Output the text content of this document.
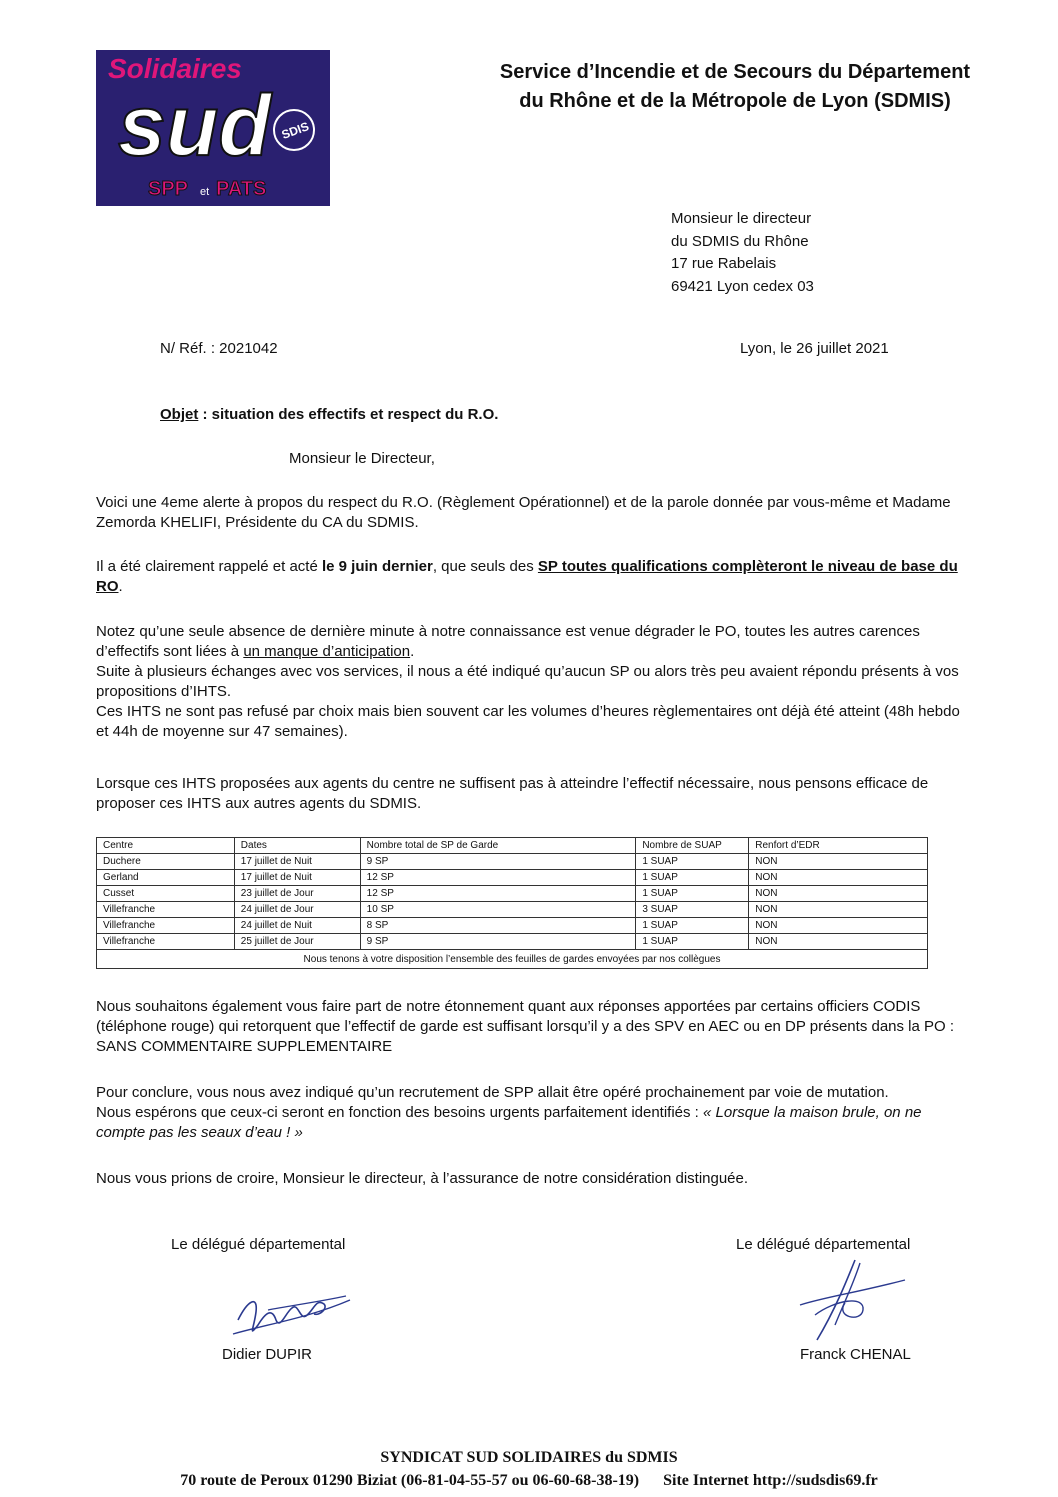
Solidaires
sud SDIS
SPP et PATS
Service d’Incendie et de Secours du Département
du Rhône et de la Métropole de Lyon (SDMIS)
Monsieur le directeur
du SDMIS du Rhône
17 rue Rabelais
69421 Lyon cedex 03
N/ Réf. : 2021042	Lyon, le 26 juillet 2021
Objet : situation des effectifs et respect du R.O.
Monsieur le Directeur,

Voici une 4eme alerte à propos du respect du R.O. (Règlement Opérationnel) et de la parole donnée par vous-même et Madame Zemorda KHELIFI, Présidente du CA du SDMIS.

Il a été clairement rappelé et acté le 9 juin dernier, que seuls des SP toutes qualifications complèteront le niveau de base du RO.

Notez qu’une seule absence de dernière minute à notre connaissance est venue dégrader le PO, toutes les autres carences d’effectifs sont liées à un manque d’anticipation.

Suite à plusieurs échanges avec vos services, il nous a été indiqué qu’aucun SP ou alors très peu avaient répondu présents à vos propositions d’IHTS.

Ces IHTS ne sont pas refusé par choix mais bien souvent car les volumes d’heures règlementaires ont déjà été atteint (48h hebdo et 44h de moyenne sur 47 semaines).

Lorsque ces IHTS proposées aux agents du centre ne suffisent pas à atteindre l’effectif nécessaire, nous pensons efficace de proposer ces IHTS aux autres agents du SDMIS.

Centre	Dates	Nombre total de SP de Garde	Nombre de SUAP	Renfort d’EDR
Duchere	17 juillet de Nuit	9 SP	1 SUAP	NON
Gerland	17 juillet de Nuit	12 SP	1 SUAP	NON
Cusset	23 juillet de Jour	12 SP	1 SUAP	NON
Villefranche	24 juillet de Jour	10 SP	3 SUAP	NON
Villefranche	24 juillet de Nuit	8 SP	1 SUAP	NON
Villefranche	25 juillet de Jour	9 SP	1 SUAP	NON
Nous tenons à votre disposition l’ensemble des feuilles de gardes envoyées par nos collègues				

Nous souhaitons également vous faire part de notre étonnement quant aux réponses apportées par certains officiers CODIS (téléphone rouge) qui retorquent que l’effectif de garde est suffisant lorsqu’il y a des SPV en AEC ou en DP présents dans la PO : SANS COMMENTAIRE SUPPLEMENTAIRE

Pour conclure, vous nous avez indiqué qu’un recrutement de SPP allait être opéré prochainement par voie de mutation.

Nous espérons que ceux-ci seront en fonction des besoins urgents parfaitement identifiés : « Lorsque la maison brule, on ne compte pas les seaux d’eau ! »

Nous vous prions de croire, Monsieur le directeur, à l’assurance de notre considération distinguée.

Le délégué départemental	Le délégué départemental
Didier DUPIR	Franck CHENAL
SYNDICAT SUD SOLIDAIRES du SDMIS
70 route de Peroux 01290 Biziat (06-81-04-55-57 ou 06-60-68-38-19)      Site Internet http://sudsdis69.fr
